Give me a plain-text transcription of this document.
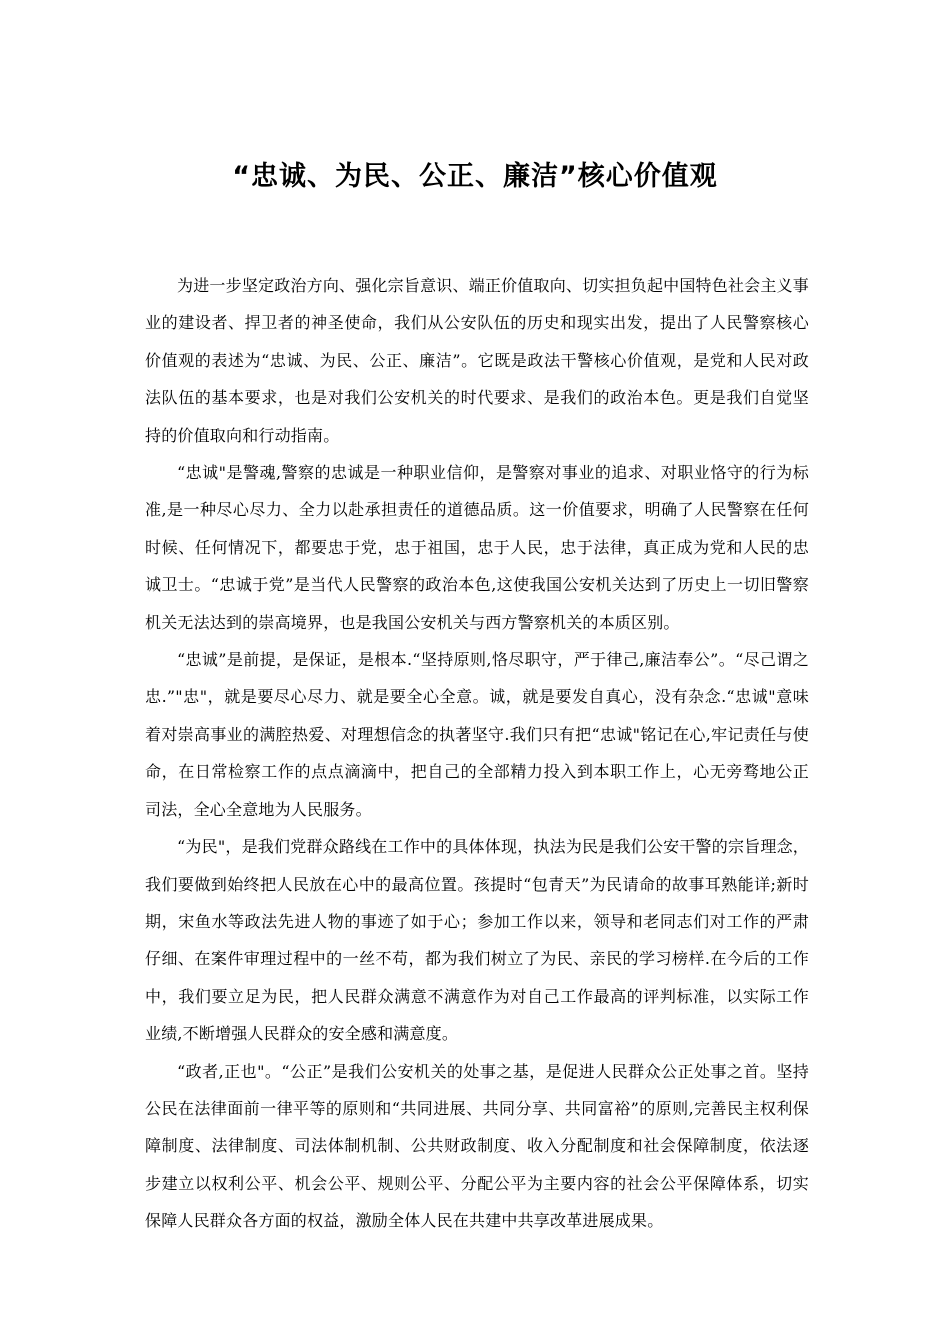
“忠诚、为民、公正、廉洁”核心价值观

为进一步坚定政治方向、强化宗旨意识、端正价值取向、切实担负起中国特色社会主义事业的建设者、捍卫者的神圣使命，我们从公安队伍的历史和现实出发，提出了人民警察核心价值观的表述为“忠诚、为民、公正、廉洁”。它既是政法干警核心价值观，是党和人民对政法队伍的基本要求，也是对我们公安机关的时代要求、是我们的政治本色。更是我们自觉坚持的价值取向和行动指南。

“忠诚"是警魂,警察的忠诚是一种职业信仰，是警察对事业的追求、对职业恪守的行为标准,是一种尽心尽力、全力以赴承担责任的道德品质。这一价值要求，明确了人民警察在任何时候、任何情况下，都要忠于党，忠于祖国，忠于人民，忠于法律，真正成为党和人民的忠诚卫士。“忠诚于党”是当代人民警察的政治本色,这使我国公安机关达到了历史上一切旧警察机关无法达到的崇高境界，也是我国公安机关与西方警察机关的本质区别。

“忠诚”是前提，是保证，是根本.“坚持原则,恪尽职守，严于律己,廉洁奉公”。“尽己谓之忠.”"忠"，就是要尽心尽力、就是要全心全意。诚，就是要发自真心，没有杂念.“忠诚"意味着对崇高事业的满腔热爱、对理想信念的执著坚守.我们只有把“忠诚"铭记在心,牢记责任与使命，在日常检察工作的点点滴滴中，把自己的全部精力投入到本职工作上，心无旁骛地公正司法，全心全意地为人民服务。

“为民"，是我们党群众路线在工作中的具体体现，执法为民是我们公安干警的宗旨理念，我们要做到始终把人民放在心中的最高位置。孩提时“包青天”为民请命的故事耳熟能详;新时期，宋鱼水等政法先进人物的事迹了如于心；参加工作以来，领导和老同志们对工作的严肃仔细、在案件审理过程中的一丝不苟，都为我们树立了为民、亲民的学习榜样.在今后的工作中，我们要立足为民，把人民群众满意不满意作为对自己工作最高的评判标准，以实际工作业绩,不断增强人民群众的安全感和满意度。

“政者,正也"。“公正”是我们公安机关的处事之基，是促进人民群众公正处事之首。坚持公民在法律面前一律平等的原则和“共同进展、共同分享、共同富裕”的原则,完善民主权利保障制度、法律制度、司法体制机制、公共财政制度、收入分配制度和社会保障制度，依法逐步建立以权利公平、机会公平、规则公平、分配公平为主要内容的社会公平保障体系，切实保障人民群众各方面的权益，激励全体人民在共建中共享改革进展成果。
